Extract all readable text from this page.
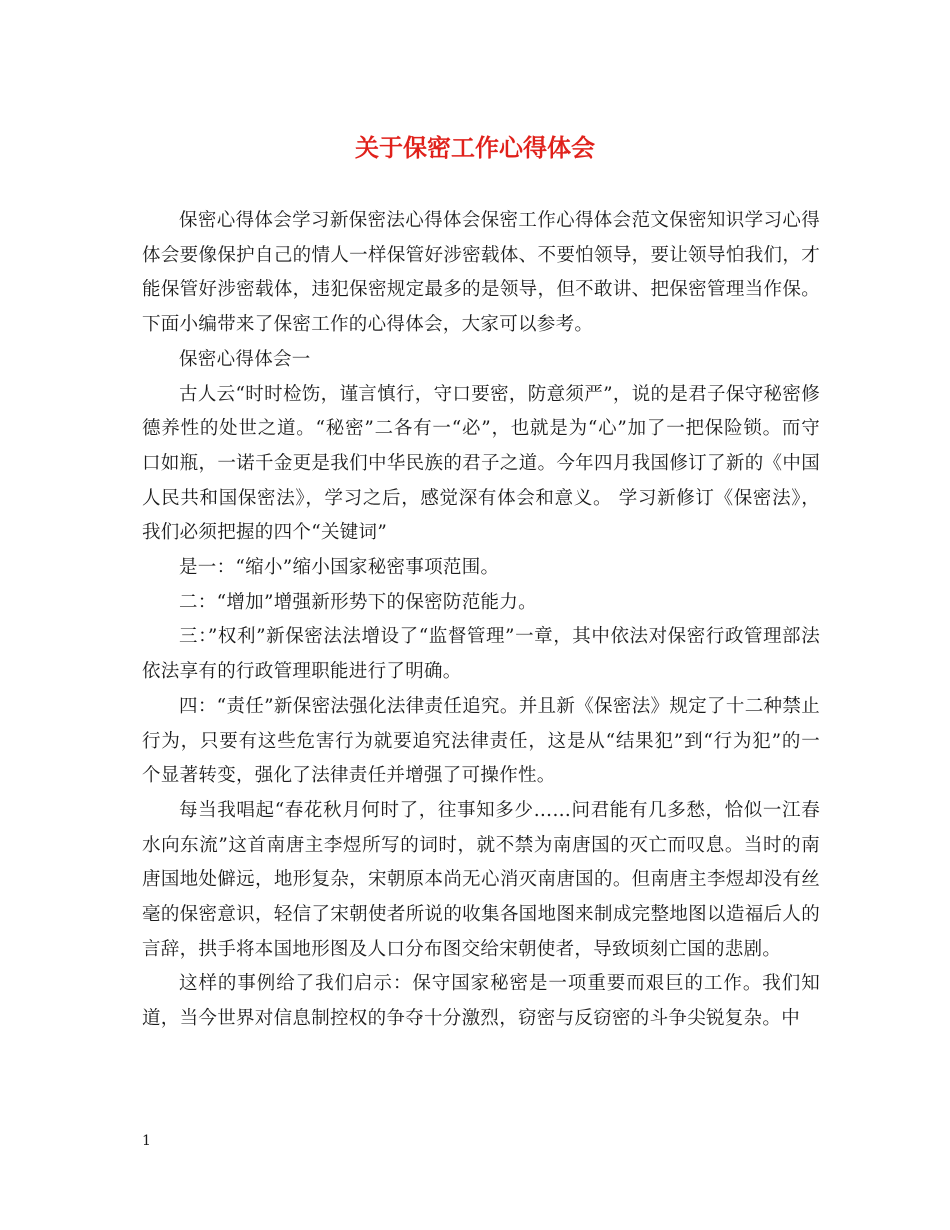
关于保密工作心得体会

保密心得体会学习新保密法心得体会保密工作心得体会范文保密知识学习心得体会要像保护自己的情人一样保管好涉密载体、不要怕领导，要让领导怕我们，才能保管好涉密载体，违犯保密规定最多的是领导，但不敢讲、把保密管理当作保。下面小编带来了保密工作的心得体会，大家可以参考。

保密心得体会一

古人云“时时检饬，谨言慎行，守口要密，防意须严”，说的是君子保守秘密修德养性的处世之道。“秘密”二各有一“必”，也就是为“心”加了一把保险锁。而守口如瓶，一诺千金更是我们中华民族的君子之道。今年四月我国修订了新的《中国人民共和国保密法》，学习之后，感觉深有体会和意义。 学习新修订《保密法》，我们必须把握的四个“关键词”

是一：“缩小”缩小国家秘密事项范围。

二：“增加”增强新形势下的保密防范能力。

三：”权利”新保密法法增设了“监督管理”一章，其中依法对保密行政管理部法依法享有的行政管理职能进行了明确。

四：“责任”新保密法强化法律责任追究。并且新《保密法》规定了十二种禁止行为，只要有这些危害行为就要追究法律责任，这是从“结果犯”到“行为犯”的一个显著转变，强化了法律责任并增强了可操作性。

每当我唱起“春花秋月何时了，往事知多少……问君能有几多愁，恰似一江春水向东流”这首南唐主李煜所写的词时，就不禁为南唐国的灭亡而叹息。当时的南唐国地处僻远，地形复杂，宋朝原本尚无心消灭南唐国的。但南唐主李煜却没有丝毫的保密意识，轻信了宋朝使者所说的收集各国地图来制成完整地图以造福后人的言辞，拱手将本国地形图及人口分布图交给宋朝使者，导致顷刻亡国的悲剧。

这样的事例给了我们启示：保守国家秘密是一项重要而艰巨的工作。我们知道，当今世界对信息制控权的争夺十分激烈，窃密与反窃密的斗争尖锐复杂。中

1
